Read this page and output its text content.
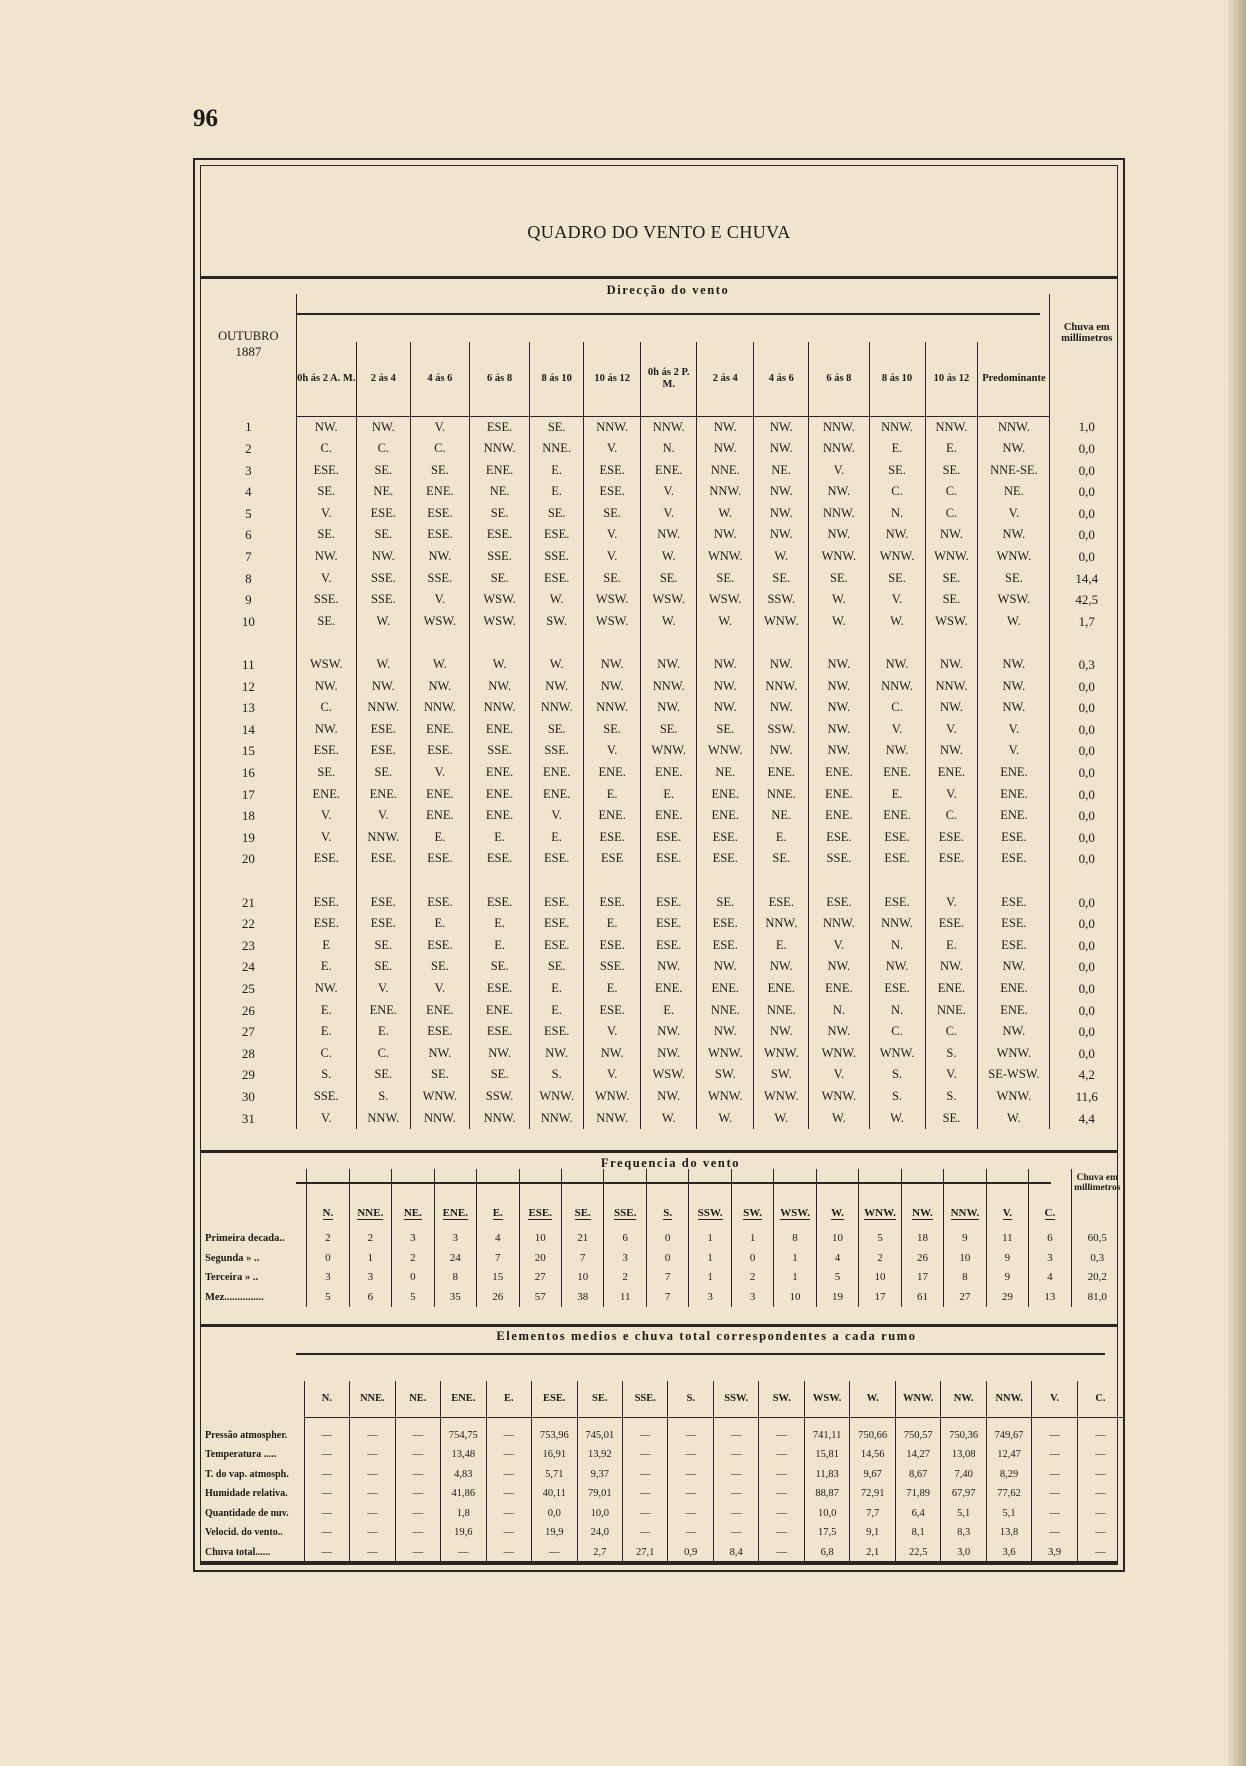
96
QUADRO DO VENTO E CHUVA
Direcção do vento
OUTUBRO														Chuva em millimetros
1887	0h ás 2 A. M.	2 ás 4	4 ás 6	6 ás 8	8 ás 10	10 ás 12	0h ás 2 P. M.	2 ás 4	4 ás 6	6 ás 8	8 ás 10	10 ás 12	Predominante	
1	NW.	NW.	V.	ESE.	SE.	NNW.	NNW.	NW.	NW.	NNW.	NNW.	NNW.	NNW.	1,0
2	C.	C.	C.	NNW.	NNE.	V.	N.	NW.	NW.	NNW.	E.	E.	NW.	0,0
3	ESE.	SE.	SE.	ENE.	E.	ESE.	ENE.	NNE.	NE.	V.	SE.	SE.	NNE-SE.	0,0
4	SE.	NE.	ENE.	NE.	E.	ESE.	V.	NNW.	NW.	NW.	C.	C.	NE.	0,0
5	V.	ESE.	ESE.	SE.	SE.	SE.	V.	W.	NW.	NNW.	N.	C.	V.	0,0
6	SE.	SE.	ESE.	ESE.	ESE.	V.	NW.	NW.	NW.	NW.	NW.	NW.	NW.	0,0
7	NW.	NW.	NW.	SSE.	SSE.	V.	W.	WNW.	W.	WNW.	WNW.	WNW.	WNW.	0,0
8	V.	SSE.	SSE.	SE.	ESE.	SE.	SE.	SE.	SE.	SE.	SE.	SE.	SE.	14,4
9	SSE.	SSE.	V.	WSW.	W.	WSW.	WSW.	WSW.	SSW.	W.	V.	SE.	WSW.	42,5
10	SE.	W.	WSW.	WSW.	SW.	WSW.	W.	W.	WNW.	W.	W.	WSW.	W.	1,7

11	WSW.	W.	W.	W.	W.	NW.	NW.	NW.	NW.	NW.	NW.	NW.	NW.	0,3
12	NW.	NW.	NW.	NW.	NW.	NW.	NNW.	NW.	NNW.	NW.	NNW.	NNW.	NW.	0,0
13	C.	NNW.	NNW.	NNW.	NNW.	NNW.	NW.	NW.	NW.	NW.	C.	NW.	NW.	0,0
14	NW.	ESE.	ENE.	ENE.	SE.	SE.	SE.	SE.	SSW.	NW.	V.	V.	V.	0,0
15	ESE.	ESE.	ESE.	SSE.	SSE.	V.	WNW.	WNW.	NW.	NW.	NW.	NW.	V.	0,0
16	SE.	SE.	V.	ENE.	ENE.	ENE.	ENE.	NE.	ENE.	ENE.	ENE.	ENE.	ENE.	0,0
17	ENE.	ENE.	ENE.	ENE.	ENE.	E.	E.	ENE.	NNE.	ENE.	E.	V.	ENE.	0,0
18	V.	V.	ENE.	ENE.	V.	ENE.	ENE.	ENE.	NE.	ENE.	ENE.	C.	ENE.	0,0
19	V.	NNW.	E.	E.	E.	ESE.	ESE.	ESE.	E.	ESE.	ESE.	ESE.	ESE.	0,0
20	ESE.	ESE.	ESE.	ESE.	ESE.	ESE	ESE.	ESE.	SE.	SSE.	ESE.	ESE.	ESE.	0,0

21	ESE.	ESE.	ESE.	ESE.	ESE.	ESE.	ESE.	SE.	ESE.	ESE.	ESE.	V.	ESE.	0,0
22	ESE.	ESE.	E.	E.	ESE.	E.	ESE.	ESE.	NNW.	NNW.	NNW.	ESE.	ESE.	0,0
23	E	SE.	ESE.	E.	ESE.	ESE.	ESE.	ESE.	E.	V.	N.	E.	ESE.	0,0
24	E.	SE.	SE.	SE.	SE.	SSE.	NW.	NW.	NW.	NW.	NW.	NW.	NW.	0,0
25	NW.	V.	V.	ESE.	E.	E.	ENE.	ENE.	ENE.	ENE.	ESE.	ENE.	ENE.	0,0
26	E.	ENE.	ENE.	ENE.	E.	ESE.	E.	NNE.	NNE.	N.	N.	NNE.	ENE.	0,0
27	E.	E.	ESE.	ESE.	ESE.	V.	NW.	NW.	NW.	NW.	C.	C.	NW.	0,0
28	C.	C.	NW.	NW.	NW.	NW.	NW.	WNW.	WNW.	WNW.	WNW.	S.	WNW.	0,0
29	S.	SE.	SE.	SE.	S.	V.	WSW.	SW.	SW.	V.	S.	V.	SE-WSW.	4,2
30	SSE.	S.	WNW.	SSW.	WNW.	WNW.	NW.	WNW.	WNW.	WNW.	S.	S.	WNW.	11,6
31	V.	NNW.	NNW.	NNW.	NNW.	NNW.	W.	W.	W.	W.	W.	SE.	W.	4,4
Frequencia do vento
	N.	NNE.	NE.	ENE.	E.	ESE.	SE.	SSE.	S.	SSW.	SW.	WSW.	W.	WNW.	NW.	NNW.	V.	C.	Chuva em millimetros
Primeira decada..	2	2	3	3	4	10	21	6	0	1	1	8	10	5	18	9	11	6	60,5
Segunda » ..	0	1	2	24	7	20	7	3	0	1	0	1	4	2	26	10	9	3	0,3
Terceira » ..	3	3	0	8	15	27	10	2	7	1	2	1	5	10	17	8	9	4	20,2
Mez...............	5	6	5	35	26	57	38	11	7	3	3	10	19	17	61	27	29	13	81,0
Elementos medios e chuva total correspondentes a cada rumo
	N.	NNE.	NE.	ENE.	E.	ESE.	SE.	SSE.	S.	SSW.	SW.	WSW.	W.	WNW.	NW.	NNW.	V.	C.

Pressão atmospher.	—	—	—	754,75	—	753,96	745,01	—	—	—	—	741,11	750,66	750,57	750,36	749,67	—	—
Temperatura .....	—	—	—	13,48	—	16,91	13,92	—	—	—	—	15,81	14,56	14,27	13,08	12,47	—	—
T. do vap. atmosph.	—	—	—	4,83	—	5,71	9,37	—	—	—	—	11,83	9,67	8,67	7,40	8,29	—	—
Humidade relativa.	—	—	—	41,86	—	40,11	79,01	—	—	—	—	88,87	72,91	71,89	67,97	77,62	—	—
Quantidade de nuv.	—	—	—	1,8	—	0,0	10,0	—	—	—	—	10,0	7,7	6,4	5,1	5,1	—	—
Velocid. do vento..	—	—	—	19,6	—	19,9	24,0	—	—	—	—	17,5	9,1	8,1	8,3	13,8	—	—
Chuva total......	—	—	—	—	—	—	2,7	27,1	0,9	8,4	—	6,8	2,1	22,5	3,0	3,6	3,9	—
